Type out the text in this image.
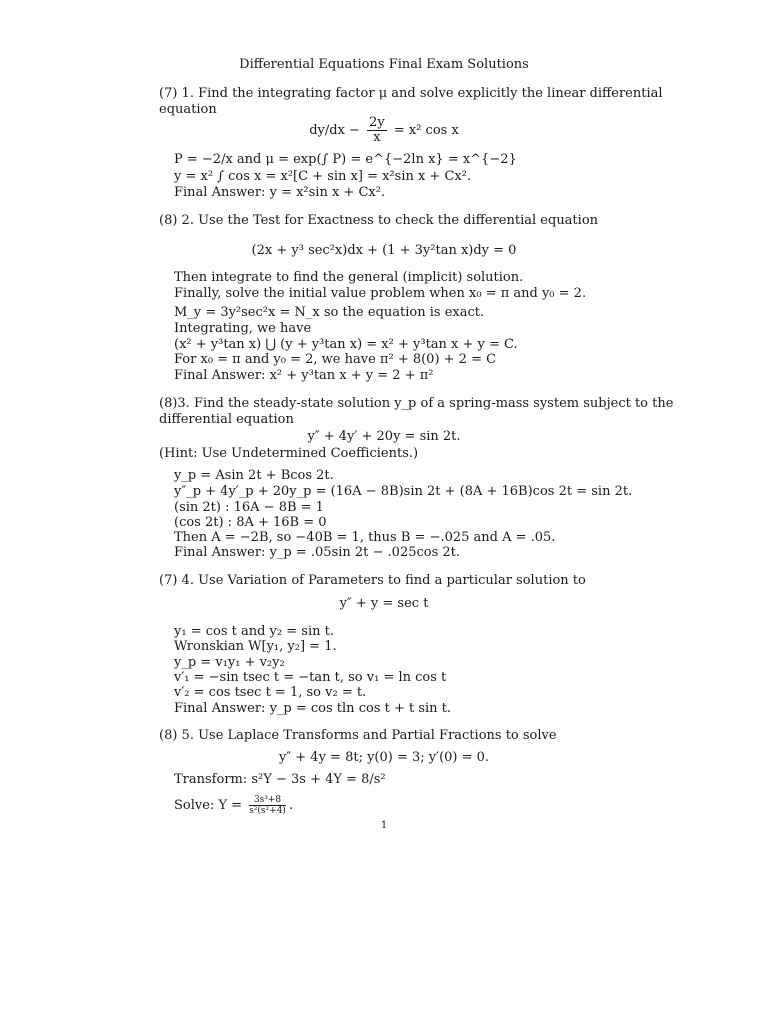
Differential Equations Final Exam Solutions
(7) 1. Find the integrating factor μ and solve explicitly the linear differential
equation
$dy/dx - \frac{2y}{x} = x^2$ cos x
P = −2/x and μ = exp(∫ P) = e^{−2ln x} = x^{−2}
y = x² ∫ cos x = x²[C + sin x] = x²sin x + Cx².
Final Answer: y = x²sin x + Cx².
(8) 2. Use the Test for Exactness to check the differential equation
(2x + y³ sec²x)dx + (1 + 3y²tan x)dy = 0
Then integrate to find the general (implicit) solution.
Finally, solve the initial value problem when x₀ = π and y₀ = 2.
M_y = 3y²sec²x = N_x so the equation is exact.
Integrating, we have
(x² + y³tan x) ⋃ (y + y³tan x) = x² + y³tan x + y = C.
For x₀ = π and y₀ = 2, we have π² + 8(0) + 2 = C
Final Answer: x² + y³tan x + y = 2 + π²
(8)3. Find the steady-state solution y_p of a spring-mass system subject to the
differential equation
y″ + 4y′ + 20y = sin 2t.
(Hint: Use Undetermined Coefficients.)
y_p = Asin 2t + Bcos 2t.
y″_p + 4y′_p + 20y_p = (16A − 8B)sin 2t + (8A + 16B)cos 2t = sin 2t.
(sin 2t) : 16A − 8B = 1
(cos 2t) : 8A + 16B = 0
Then A = −2B, so −40B = 1, thus B = −.025 and A = .05.
Final Answer: y_p = .05sin 2t − .025cos 2t.
(7) 4. Use Variation of Parameters to find a particular solution to
y″ + y = sec t
y₁ = cos t and y₂ = sin t.
Wronskian W[y₁, y₂] = 1.
y_p = v₁y₁ + v₂y₂
v′₁ = −sin tsec t = −tan t, so v₁ = ln cos t
v′₂ = cos tsec t = 1, so v₂ = t.
Final Answer: y_p = cos tln cos t + t sin t.
(8) 5. Use Laplace Transforms and Partial Fractions to solve
y″ + 4y = 8t; y(0) = 3; y′(0) = 0.
Transform: s²Y − 3s + 4Y = 8/s²
Solve: $Y = \frac{\text{3s³+8}}{\text{s²(s²+4)}}$ .
1
